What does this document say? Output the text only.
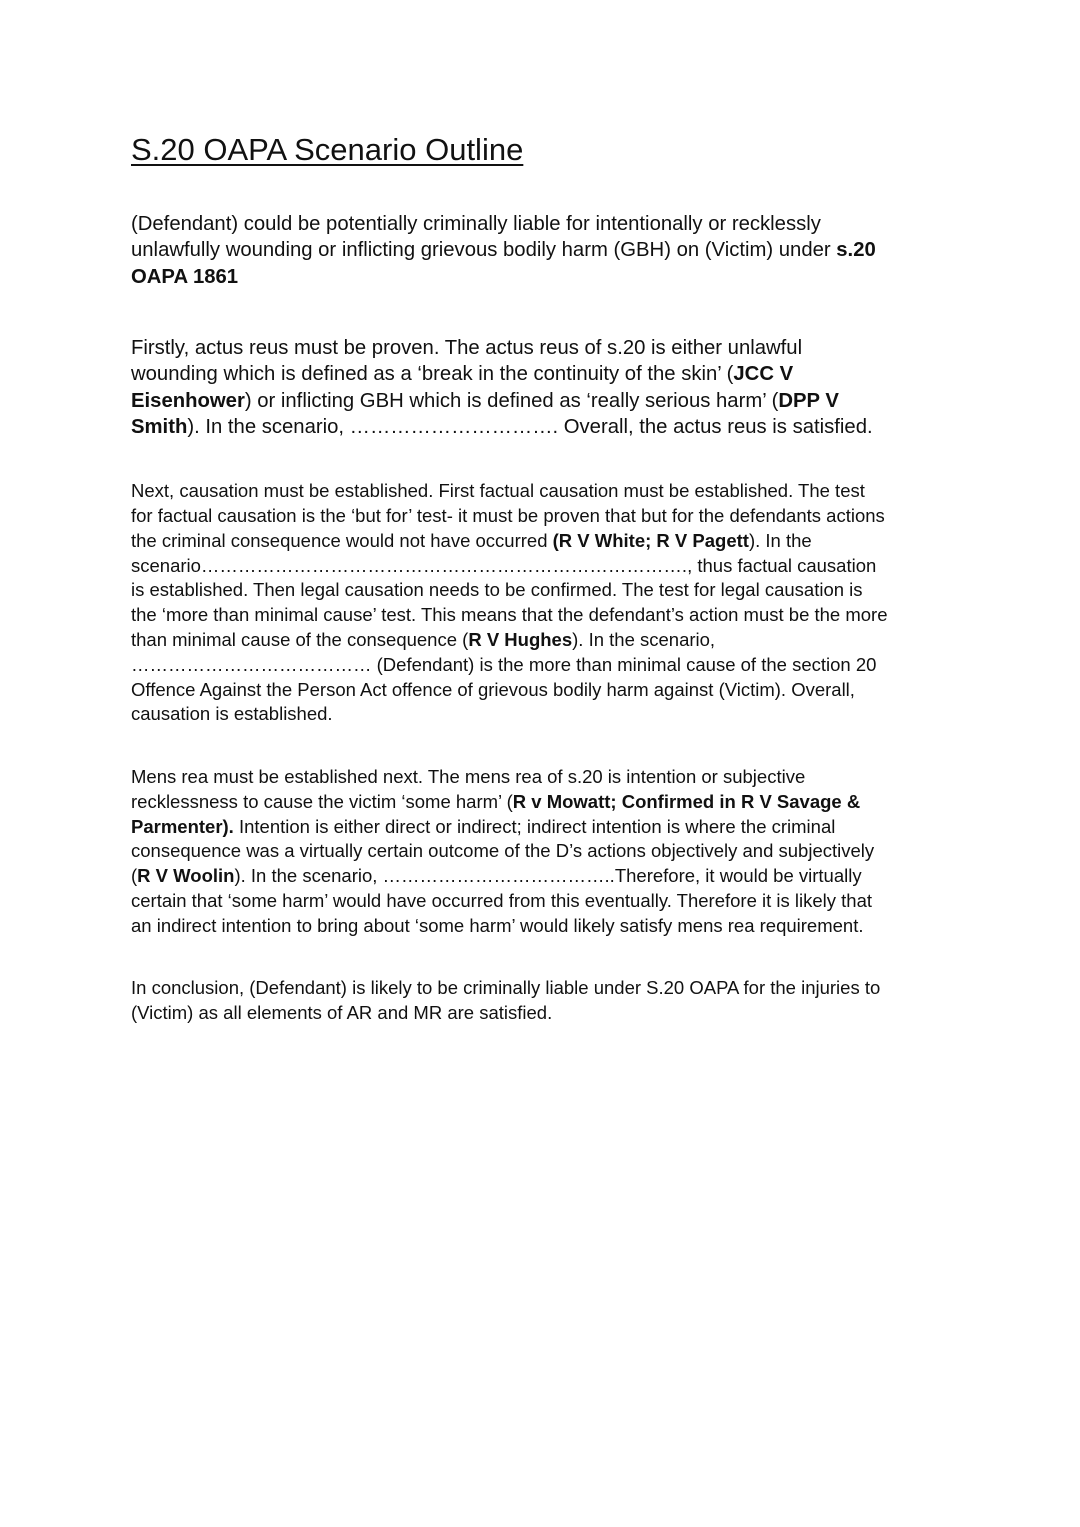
S.20 OAPA Scenario Outline

(Defendant) could be potentially criminally liable for intentionally or recklessly
unlawfully wounding or inflicting grievous bodily harm (GBH) on (Victim) under s.20
OAPA 1861

Firstly, actus reus must be proven. The actus reus of s.20 is either unlawful
wounding which is defined as a ‘break in the continuity of the skin’ (JCC V
Eisenhower) or inflicting GBH which is defined as ‘really serious harm’ (DPP V
Smith). In the scenario, …………………………. Overall, the actus reus is satisfied.

Next, causation must be established. First factual causation must be established. The test
for factual causation is the ‘but for’ test- it must be proven that but for the defendants actions
the criminal consequence would not have occurred (R V White; R V Pagett). In the
scenario……………………………………………………………………., thus factual causation
is established. Then legal causation needs to be confirmed. The test for legal causation is
the ‘more than minimal cause’ test. This means that the defendant’s action must be the more
than minimal cause of the consequence (R V Hughes). In the scenario,
………………………………… (Defendant) is the more than minimal cause of the section 20
Offence Against the Person Act offence of grievous bodily harm against (Victim). Overall,
causation is established.

Mens rea must be established next. The mens rea of s.20 is intention or subjective
recklessness to cause the victim ‘some harm’ (R v Mowatt; Confirmed in R V Savage &
Parmenter). Intention is either direct or indirect; indirect intention is where the criminal
consequence was a virtually certain outcome of the D’s actions objectively and subjectively
(R V Woolin). In the scenario, ………………………………..Therefore, it would be virtually
certain that ‘some harm’ would have occurred from this eventually. Therefore it is likely that
an indirect intention to bring about ‘some harm’ would likely satisfy mens rea requirement.

In conclusion, (Defendant) is likely to be criminally liable under S.20 OAPA for the injuries to
(Victim) as all elements of AR and MR are satisfied.
